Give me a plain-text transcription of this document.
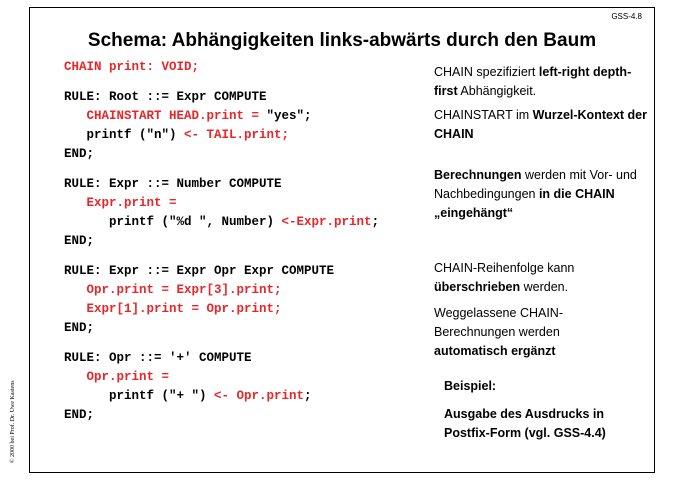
GSS-4.8
Schema: Abhängigkeiten links-abwärts durch den Baum
CHAIN print: VOID;
RULE: Root ::= Expr COMPUTE
CHAINSTART HEAD.print = "yes";
printf ("n") <- TAIL.print;
END;
RULE: Expr ::= Number COMPUTE
Expr.print =
printf ("%d ", Number) <-Expr.print;
END;
RULE: Expr ::= Expr Opr Expr COMPUTE
Opr.print = Expr[3].print;
Expr[1].print = Opr.print;
END;
RULE: Opr ::= '+' COMPUTE
Opr.print =
printf ("+ ") <- Opr.print;
END;
CHAIN spezifiziert left-right depth-first Abhängigkeit.
CHAINSTART im Wurzel-Kontext der CHAIN
Berechnungen werden mit Vor- und Nachbedingungen in die CHAIN „eingehängt“
CHAIN-Reihenfolge kann überschrieben werden.
Weggelassene CHAIN-Berechnungen werden automatisch ergänzt
Beispiel:
Ausgabe des Ausdrucks in Postfix-Form (vgl. GSS-4.4)
© 2000 bei Prof. Dr. Uwe Kastens
